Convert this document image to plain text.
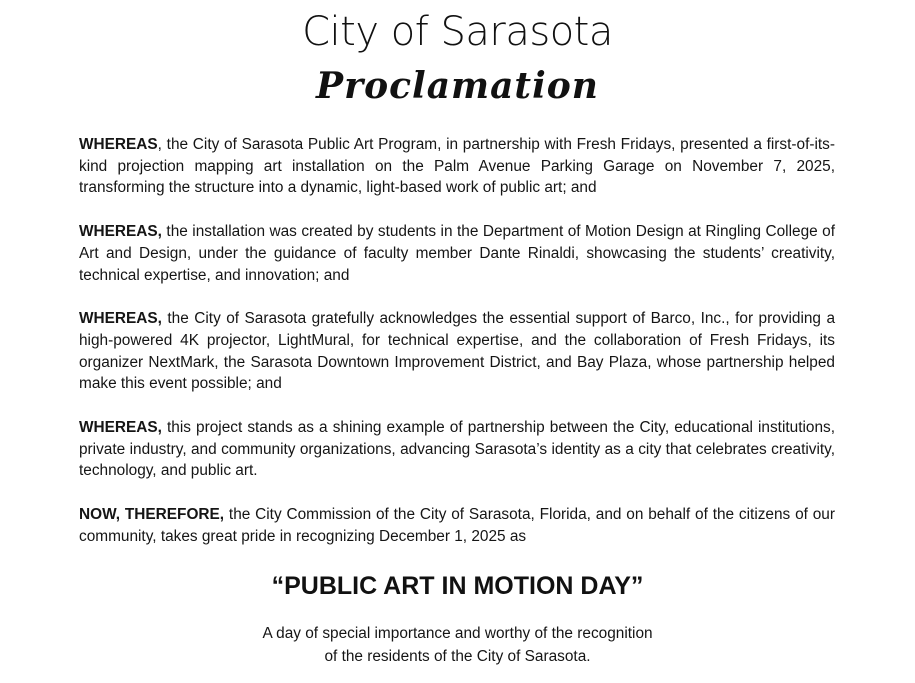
City of Sarasota
Proclamation

WHEREAS, the City of Sarasota Public Art Program, in partnership with Fresh Fridays, presented a first-of-its-kind projection mapping art installation on the Palm Avenue Parking Garage on November 7, 2025, transforming the structure into a dynamic, light-based work of public art; and

WHEREAS, the installation was created by students in the Department of Motion Design at Ringling College of Art and Design, under the guidance of faculty member Dante Rinaldi, showcasing the students’ creativity, technical expertise, and innovation; and

WHEREAS, the City of Sarasota gratefully acknowledges the essential support of Barco, Inc., for providing a high-powered 4K projector, LightMural, for technical expertise, and the collaboration of Fresh Fridays, its organizer NextMark, the Sarasota Downtown Improvement District, and Bay Plaza, whose partnership helped make this event possible; and

WHEREAS, this project stands as a shining example of partnership between the City, educational institutions, private industry, and community organizations, advancing Sarasota’s identity as a city that celebrates creativity, technology, and public art.

NOW, THEREFORE, the City Commission of the City of Sarasota, Florida, and on behalf of the citizens of our community, takes great pride in recognizing December 1, 2025 as

“PUBLIC ART IN MOTION DAY”
A day of special importance and worthy of the recognition
of the residents of the City of Sarasota.
